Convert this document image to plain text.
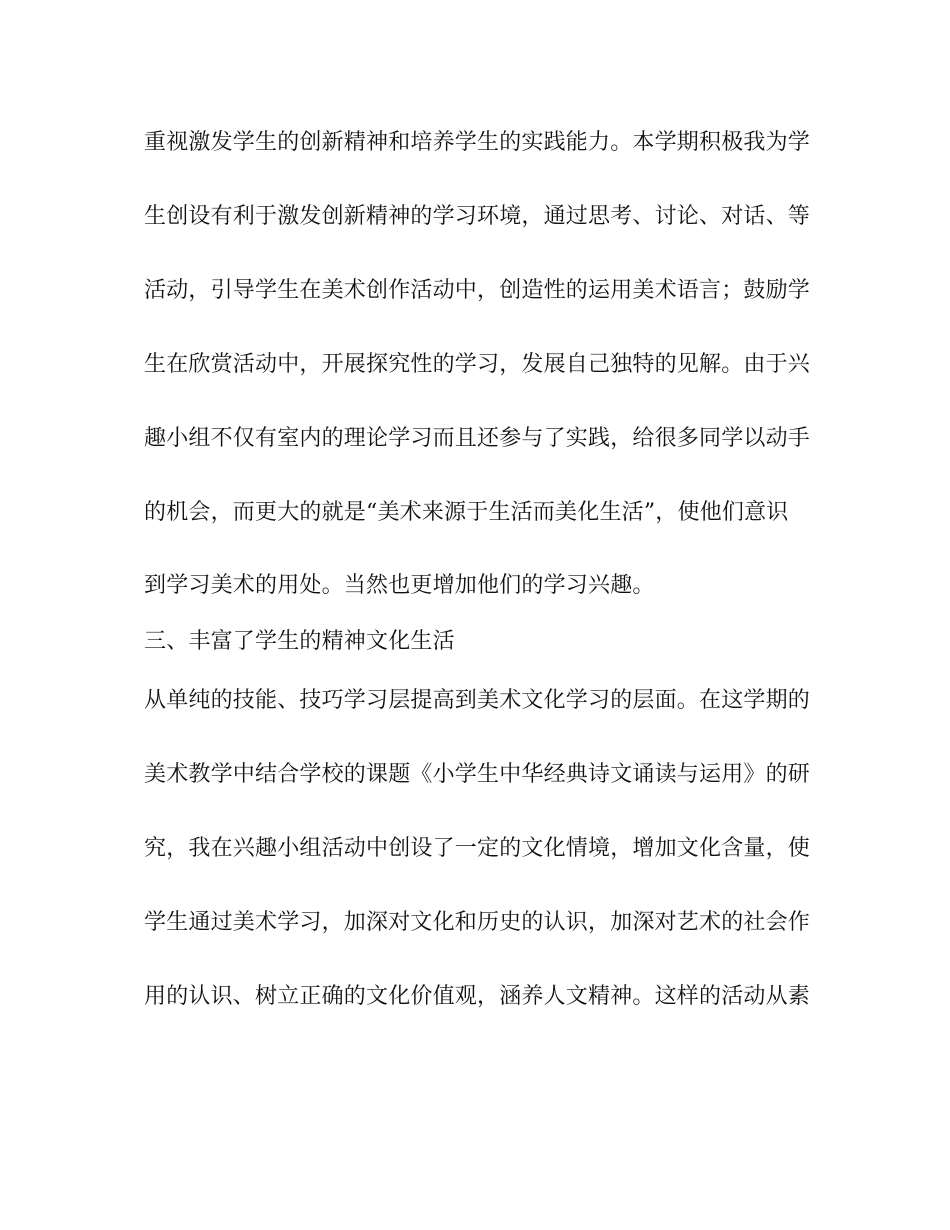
重视激发学生的创新精神和培养学生的实践能力。本学期积极我为学
生创设有利于激发创新精神的学习环境，通过思考、讨论、对话、等
活动，引导学生在美术创作活动中，创造性的运用美术语言；鼓励学
生在欣赏活动中，开展探究性的学习，发展自己独特的见解。由于兴
趣小组不仅有室内的理论学习而且还参与了实践，给很多同学以动手
的机会，而更大的就是“美术来源于生活而美化生活”，使他们意识
到学习美术的用处。当然也更增加他们的学习兴趣。
三、丰富了学生的精神文化生活
从单纯的技能、技巧学习层提高到美术文化学习的层面。在这学期的
美术教学中结合学校的课题《小学生中华经典诗文诵读与运用》的研
究，我在兴趣小组活动中创设了一定的文化情境，增加文化含量，使
学生通过美术学习，加深对文化和历史的认识，加深对艺术的社会作
用的认识、树立正确的文化价值观，涵养人文精神。这样的活动从素
